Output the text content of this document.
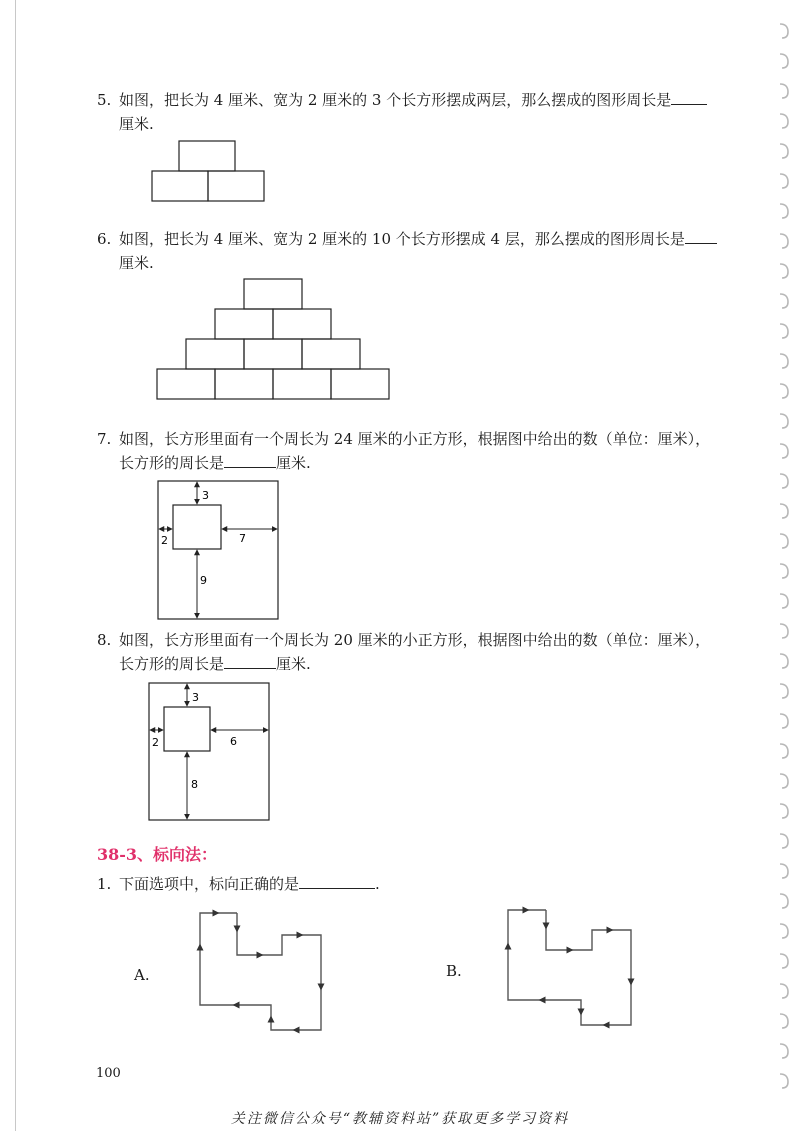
5. 如图，把长为 4 厘米、宽为 2 厘米的 3 个长方形摆成两层，那么摆成的图形周长是
厘米.
6. 如图，把长为 4 厘米、宽为 2 厘米的 10 个长方形摆成 4 层，那么摆成的图形周长是
厘米.
7. 如图，长方形里面有一个周长为 24 厘米的小正方形，根据图中给出的数（单位：厘米），
长方形的周长是	厘米.
3
2	7
9
8. 如图，长方形里面有一个周长为 20 厘米的小正方形，根据图中给出的数（单位：厘米），
长方形的周长是	厘米.
3
2	6
8
38-3、标向法：
1. 下面选项中，标向正确的是	.
A.	B.
100
关注微信公众号“教辅资料站”获取更多学习资料
